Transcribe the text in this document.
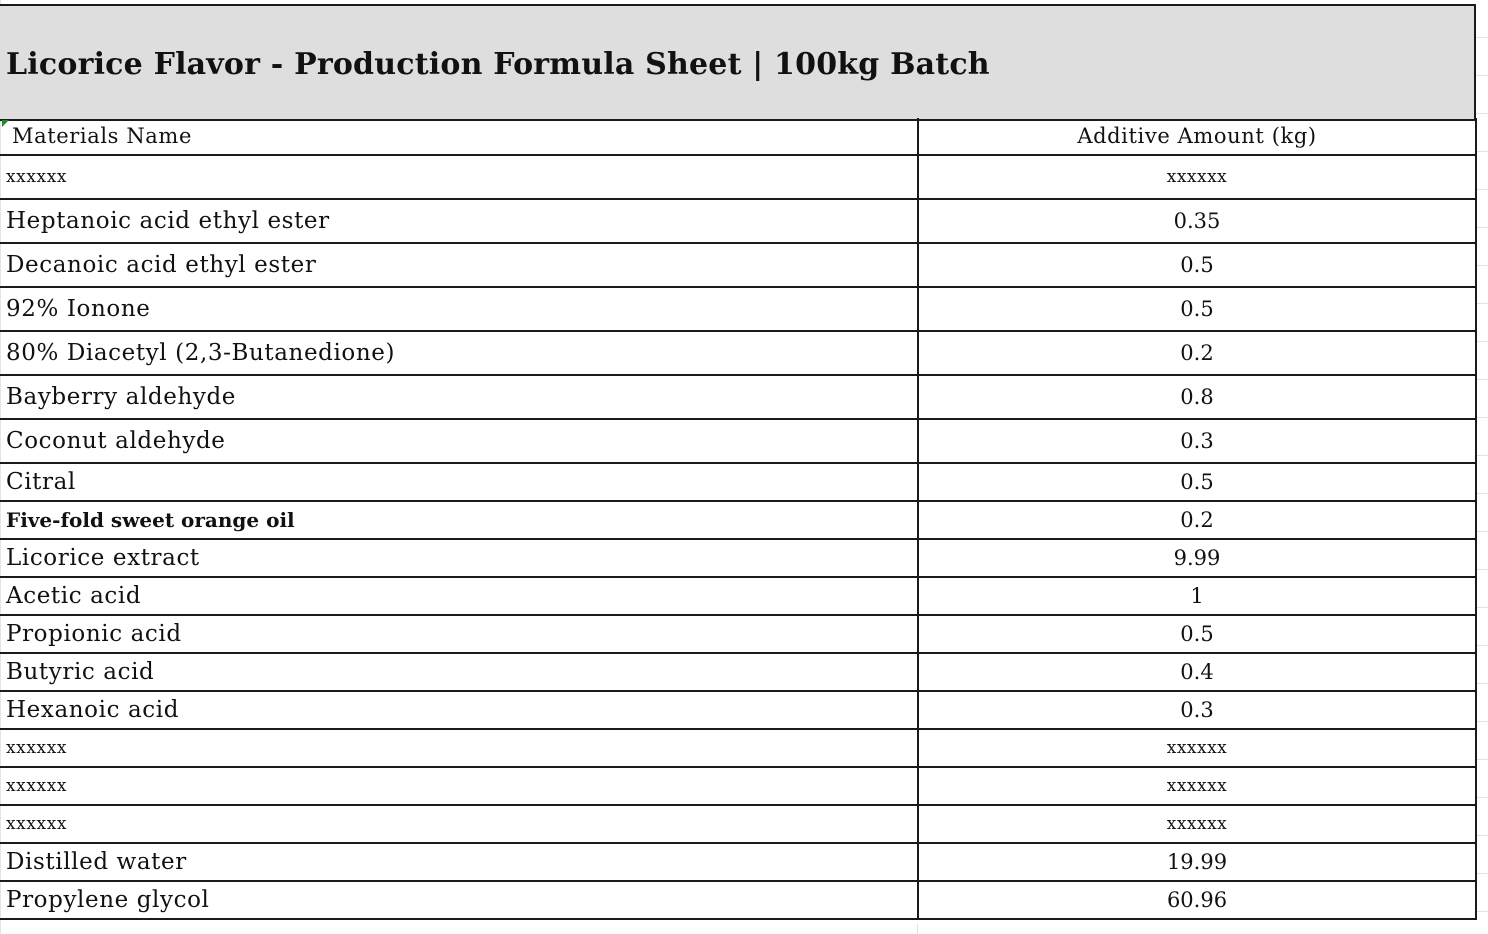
Licorice Flavor - Production Formula Sheet | 100kg Batch
Materials Name	Additive Amount (kg)
xxxxxx	xxxxxx
Heptanoic acid ethyl ester	0.35
Decanoic acid ethyl ester	0.5
92% Ionone	0.5
80% Diacetyl (2,3-Butanedione)	0.2
Bayberry aldehyde	0.8
Coconut aldehyde	0.3
Citral	0.5
Five-fold sweet orange oil	0.2
Licorice extract	9.99
Acetic acid	1
Propionic acid	0.5
Butyric acid	0.4
Hexanoic acid	0.3
xxxxxx	xxxxxx
xxxxxx	xxxxxx
xxxxxx	xxxxxx
Distilled water	19.99
Propylene glycol	60.96
